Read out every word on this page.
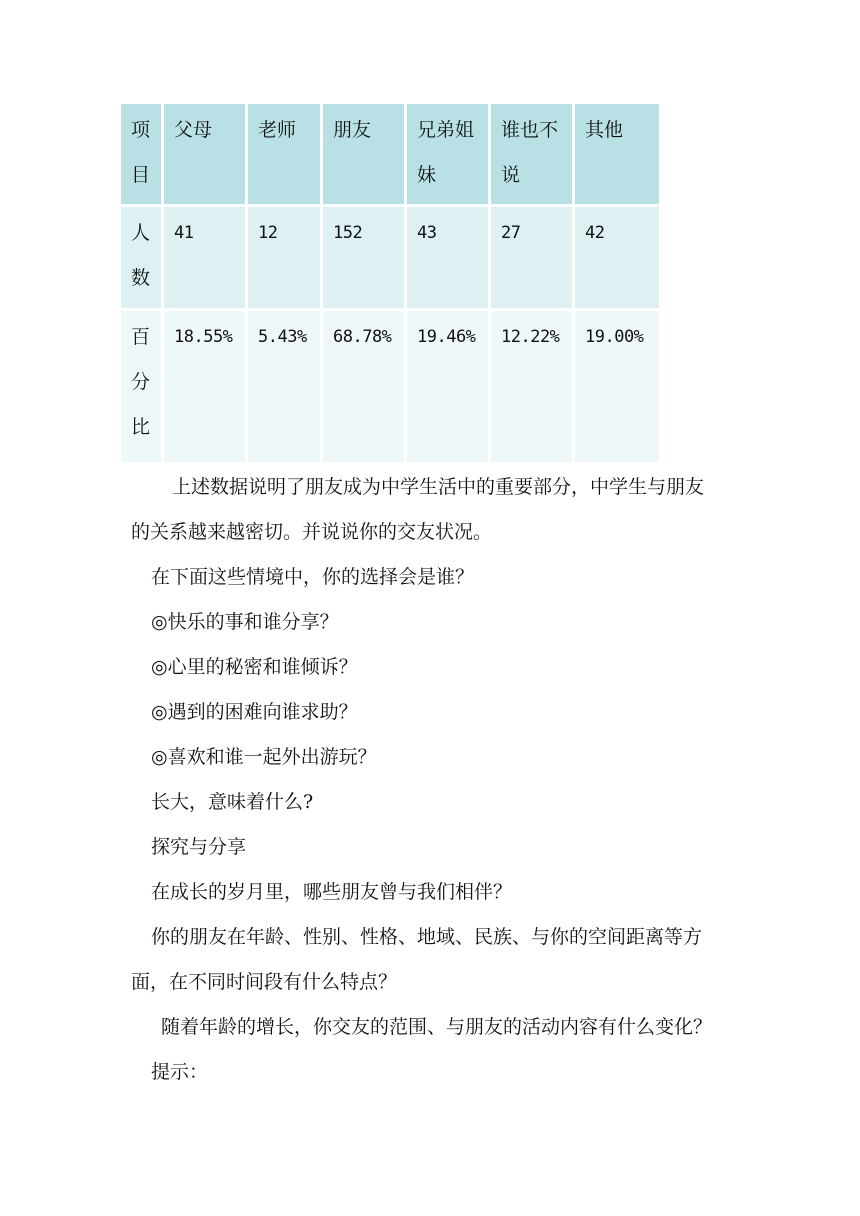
项目	父母	老师	朋友	兄弟姐妹	谁也不说	其他
人数	41	12	152	43	27	42
百分比	18.55%	5.43%	68.78%	19.46%	12.22%	19.00%

上述数据说明了朋友成为中学生活中的重要部分，中学生与朋友

的关系越来越密切。并说说你的交友状况。

在下面这些情境中，你的选择会是谁？

◎快乐的事和谁分享？

◎心里的秘密和谁倾诉？

◎遇到的困难向谁求助？

◎喜欢和谁一起外出游玩？

长大，意味着什么?

探究与分享

在成长的岁月里，哪些朋友曾与我们相伴？

你的朋友在年龄、性别、性格、地域、民族、与你的空间距离等方

面，在不同时间段有什么特点？

随着年龄的增长，你交友的范围、与朋友的活动内容有什么变化？

提示：
